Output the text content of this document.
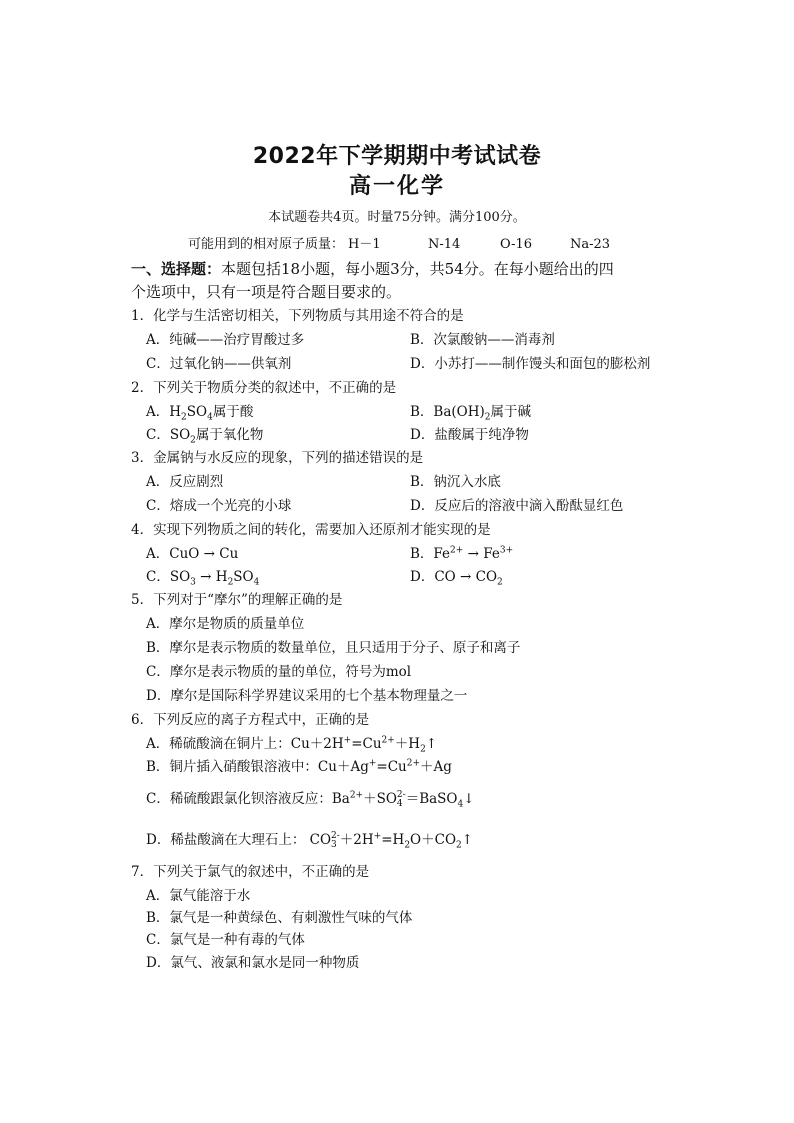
2022年下学期期中考试试卷
高一化学
本试题卷共4页。时量75分钟。满分100分。
可能用到的相对原子质量： H－1	N-14	O-16	Na-23
一、选择题：本题包括18小题，每小题3分，共54分。在每小题给出的四
个选项中，只有一项是符合题目要求的。
1．化学与生活密切相关，下列物质与其用途不符合的是
A．纯碱——治疗胃酸过多	B．次氯酸钠——消毒剂
C．过氧化钠——供氧剂	D．小苏打——制作馒头和面包的膨松剂
2．下列关于物质分类的叙述中，不正确的是
A．$H_2SO_4$属于酸	B．$Ba(OH)_2$属于碱
C．$SO_2$属于氧化物	D．盐酸属于纯净物
3．金属钠与水反应的现象，下列的描述错误的是
A．反应剧烈	B．钠沉入水底
C．熔成一个光亮的小球	D．反应后的溶液中滴入酚酞显红色
4．实现下列物质之间的转化，需要加入还原剂才能实现的是
A．CuO → Cu	B．$Fe^{2+} \to Fe^{3+}$
C．$SO_3 \to H_2SO_4$	D．CO → $CO_2$
5．下列对于“摩尔”的理解正确的是
A．摩尔是物质的质量单位
B．摩尔是表示物质的数量单位，且只适用于分子、原子和离子
C．摩尔是表示物质的量的单位，符号为mol
D．摩尔是国际科学界建议采用的七个基本物理量之一
6．下列反应的离子方程式中，正确的是
A．稀硫酸滴在铜片上：$Cu+2H^+=Cu^{2+}+H_2↑$
B．铜片插入硝酸银溶液中：$Cu+Ag^+=Cu^{2+}+Ag$
C．稀硫酸跟氯化钡溶液反应：$Ba^{2+}+SO$ 2-
4 ＝BaSO$_4$↓
D．稀盐酸滴在大理石上： CO 2-
$3 +2H^+=H_2O+CO_2↑$
7．下列关于氯气的叙述中，不正确的是
A．氯气能溶于水
B．氯气是一种黄绿色、有刺激性气味的气体
C．氯气是一种有毒的气体
D．氯气、液氯和氯水是同一种物质
